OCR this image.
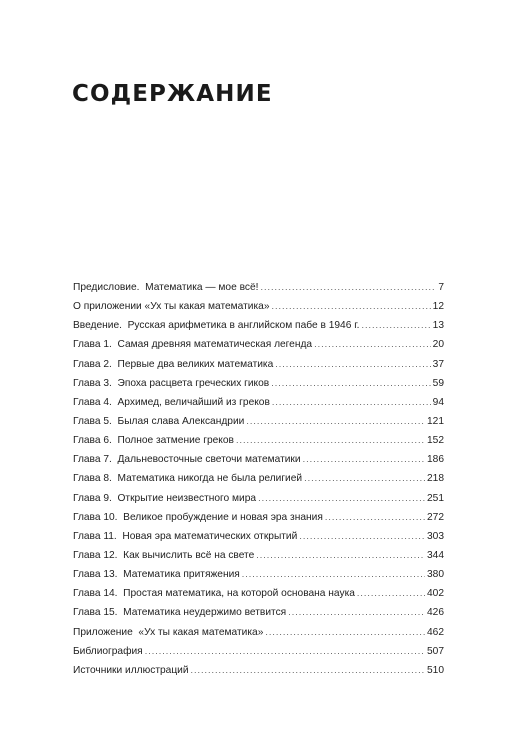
СОДЕРЖАНИЕ
Предисловие.  Математика — мое всё! .....	7
О приложении «Ух ты какая математика» .....	12
Введение.  Русская арифметика в английском пабе в 1946 г. .....	13
Глава 1.  Самая древняя математическая легенда .....	20
Глава 2.  Первые два великих математика .....	37
Глава 3.  Эпоха расцвета греческих гиков .....	59
Глава 4.  Архимед, величайший из греков .....	94
Глава 5.  Былая слава Александрии .....	121
Глава 6.  Полное затмение греков .....	152
Глава 7.  Дальневосточные светочи математики .....	186
Глава 8.  Математика никогда не была религией .....	218
Глава 9.  Открытие неизвестного мира .....	251
Глава 10.  Великое пробуждение и новая эра знания .....	272
Глава 11.  Новая эра математических открытий .....	303
Глава 12.  Как вычислить всё на свете .....	344
Глава 13.  Математика притяжения .....	380
Глава 14.  Простая математика, на которой основана наука .....	402
Глава 15.  Математика неудержимо ветвится .....	426
Приложение  «Ух ты какая математика» .....	462
Библиография .....	507
Источники иллюстраций .....	510
